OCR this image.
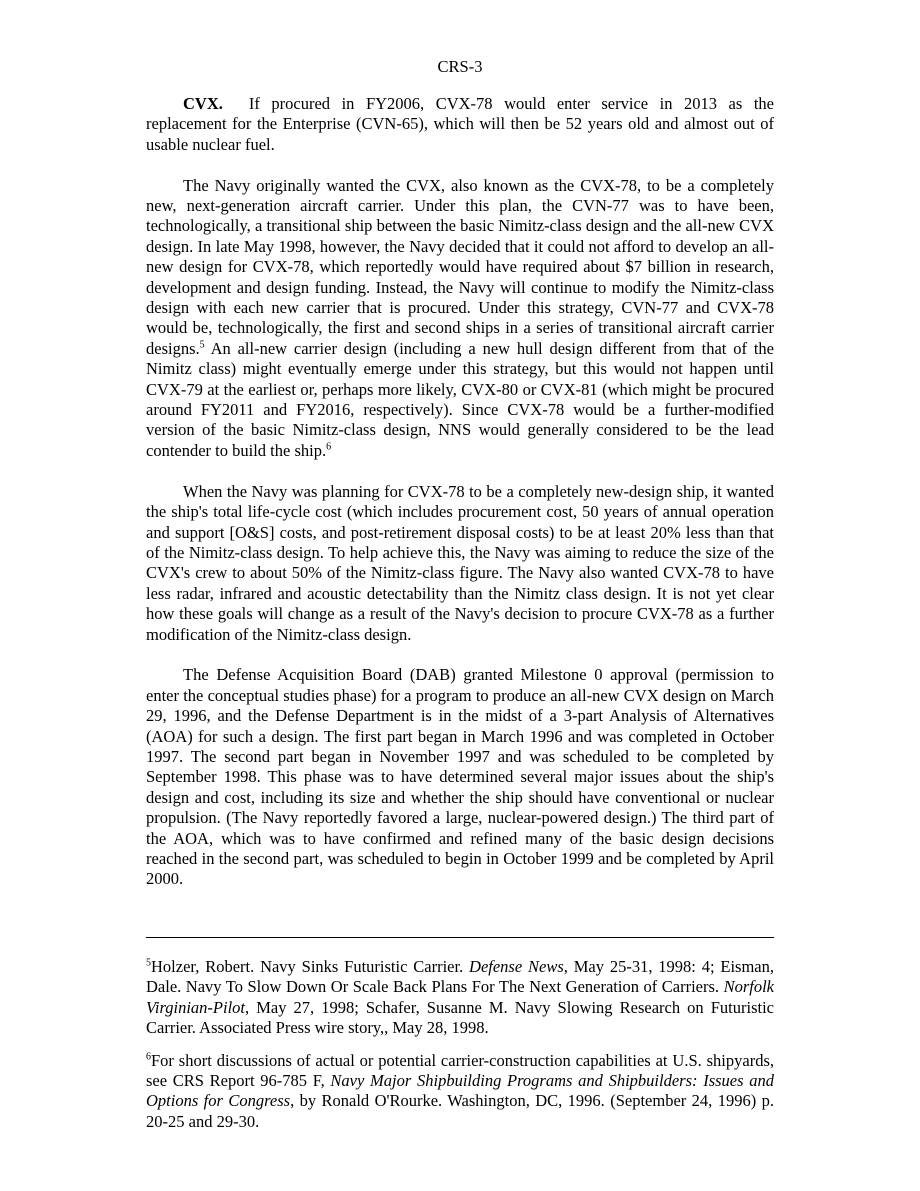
CRS-3

CVX. If procured in FY2006, CVX-78 would enter service in 2013 as the replacement for the Enterprise (CVN-65), which will then be 52 years old and almost out of usable nuclear fuel.

The Navy originally wanted the CVX, also known as the CVX-78, to be a completely new, next-generation aircraft carrier. Under this plan, the CVN-77 was to have been, technologically, a transitional ship between the basic Nimitz-class design and the all-new CVX design. In late May 1998, however, the Navy decided that it could not afford to develop an all-new design for CVX-78, which reportedly would have required about $7 billion in research, development and design funding. Instead, the Navy will continue to modify the Nimitz-class design with each new carrier that is procured. Under this strategy, CVN-77 and CVX-78 would be, technologically, the first and second ships in a series of transitional aircraft carrier designs.$^5$ An all-new carrier design (including a new hull design different from that of the Nimitz class) might eventually emerge under this strategy, but this would not happen until CVX-79 at the earliest or, perhaps more likely, CVX-80 or CVX-81 (which might be procured around FY2011 and FY2016, respectively). Since CVX-78 would be a further-modified version of the basic Nimitz-class design, NNS would generally considered to be the lead contender to build the ship.$^6$

When the Navy was planning for CVX-78 to be a completely new-design ship, it wanted the ship's total life-cycle cost (which includes procurement cost, 50 years of annual operation and support [O&S] costs, and post-retirement disposal costs) to be at least 20% less than that of the Nimitz-class design. To help achieve this, the Navy was aiming to reduce the size of the CVX's crew to about 50% of the Nimitz-class figure. The Navy also wanted CVX-78 to have less radar, infrared and acoustic detectability than the Nimitz class design. It is not yet clear how these goals will change as a result of the Navy's decision to procure CVX-78 as a further modification of the Nimitz-class design.

The Defense Acquisition Board (DAB) granted Milestone 0 approval (permission to enter the conceptual studies phase) for a program to produce an all-new CVX design on March 29, 1996, and the Defense Department is in the midst of a 3-part Analysis of Alternatives (AOA) for such a design. The first part began in March 1996 and was completed in October 1997. The second part began in November 1997 and was scheduled to be completed by September 1998. This phase was to have determined several major issues about the ship's design and cost, including its size and whether the ship should have conventional or nuclear propulsion. (The Navy reportedly favored a large, nuclear-powered design.) The third part of the AOA, which was to have confirmed and refined many of the basic design decisions reached in the second part, was scheduled to begin in October 1999 and be completed by April 2000.

$^5$Holzer, Robert. Navy Sinks Futuristic Carrier. Defense News, May 25-31, 1998: 4; Eisman, Dale. Navy To Slow Down Or Scale Back Plans For The Next Generation of Carriers. Norfolk Virginian-Pilot, May 27, 1998; Schafer, Susanne M. Navy Slowing Research on Futuristic Carrier. Associated Press wire story,, May 28, 1998.

$^6$For short discussions of actual or potential carrier-construction capabilities at U.S. shipyards, see CRS Report 96-785 F, Navy Major Shipbuilding Programs and Shipbuilders: Issues and Options for Congress, by Ronald O'Rourke. Washington, DC, 1996. (September 24, 1996) p. 20-25 and 29-30.
